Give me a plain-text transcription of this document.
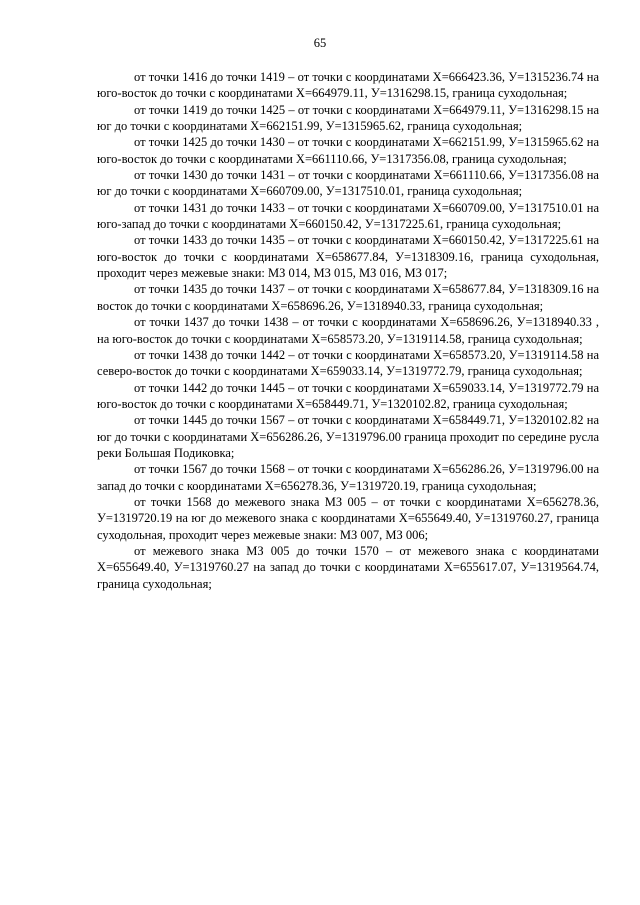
65

от точки 1416 до точки 1419 – от точки с координатами Х=666423.36, У=1315236.74 на юго-восток до точки с координатами Х=664979.11, У=1316298.15, граница суходольная;

от точки 1419 до точки 1425 – от точки с координатами Х=664979.11, У=1316298.15 на юг до точки с координатами Х=662151.99, У=1315965.62, граница суходольная;

от точки 1425 до точки 1430 – от точки с координатами Х=662151.99, У=1315965.62 на юго-восток до точки с координатами Х=661110.66, У=1317356.08, граница суходольная;

от точки 1430 до точки 1431 – от точки с координатами Х=661110.66, У=1317356.08 на юг до точки с координатами Х=660709.00, У=1317510.01, граница суходольная;

от точки 1431 до точки 1433 – от точки с координатами Х=660709.00, У=1317510.01 на юго-запад до точки с координатами Х=660150.42, У=1317225.61, граница суходольная;

от точки 1433 до точки 1435 – от точки с координатами Х=660150.42, У=1317225.61 на юго-восток до точки с координатами Х=658677.84, У=1318309.16, граница суходольная, проходит через межевые знаки: МЗ 014, МЗ 015, МЗ 016, МЗ 017;

от точки 1435 до точки 1437 – от точки с координатами Х=658677.84, У=1318309.16 на восток до точки с координатами Х=658696.26, У=1318940.33, граница суходольная;

от точки 1437 до точки 1438 – от точки с координатами Х=658696.26, У=1318940.33 , на юго-восток до точки с координатами Х=658573.20, У=1319114.58, граница суходольная;

от точки 1438 до точки 1442 – от точки с координатами Х=658573.20, У=1319114.58 на северо-восток до точки с координатами Х=659033.14, У=1319772.79, граница суходольная;

от точки 1442 до точки 1445 – от точки с координатами Х=659033.14, У=1319772.79 на юго-восток до точки с координатами Х=658449.71, У=1320102.82, граница суходольная;

от точки 1445 до точки 1567 – от точки с координатами Х=658449.71, У=1320102.82 на юг до точки с координатами Х=656286.26, У=1319796.00 граница проходит по середине русла реки Большая Подиковка;

от точки 1567 до точки 1568 – от точки с координатами Х=656286.26, У=1319796.00 на запад до точки с координатами Х=656278.36, У=1319720.19, граница суходольная;

от точки 1568 до межевого знака МЗ 005 – от точки с координатами Х=656278.36, У=1319720.19 на юг до межевого знака с координатами Х=655649.40, У=1319760.27, граница суходольная, проходит через межевые знаки: МЗ 007, МЗ 006;

от межевого знака МЗ 005 до точки 1570 – от межевого знака с координатами Х=655649.40, У=1319760.27 на запад до точки с координатами Х=655617.07, У=1319564.74, граница суходольная;
